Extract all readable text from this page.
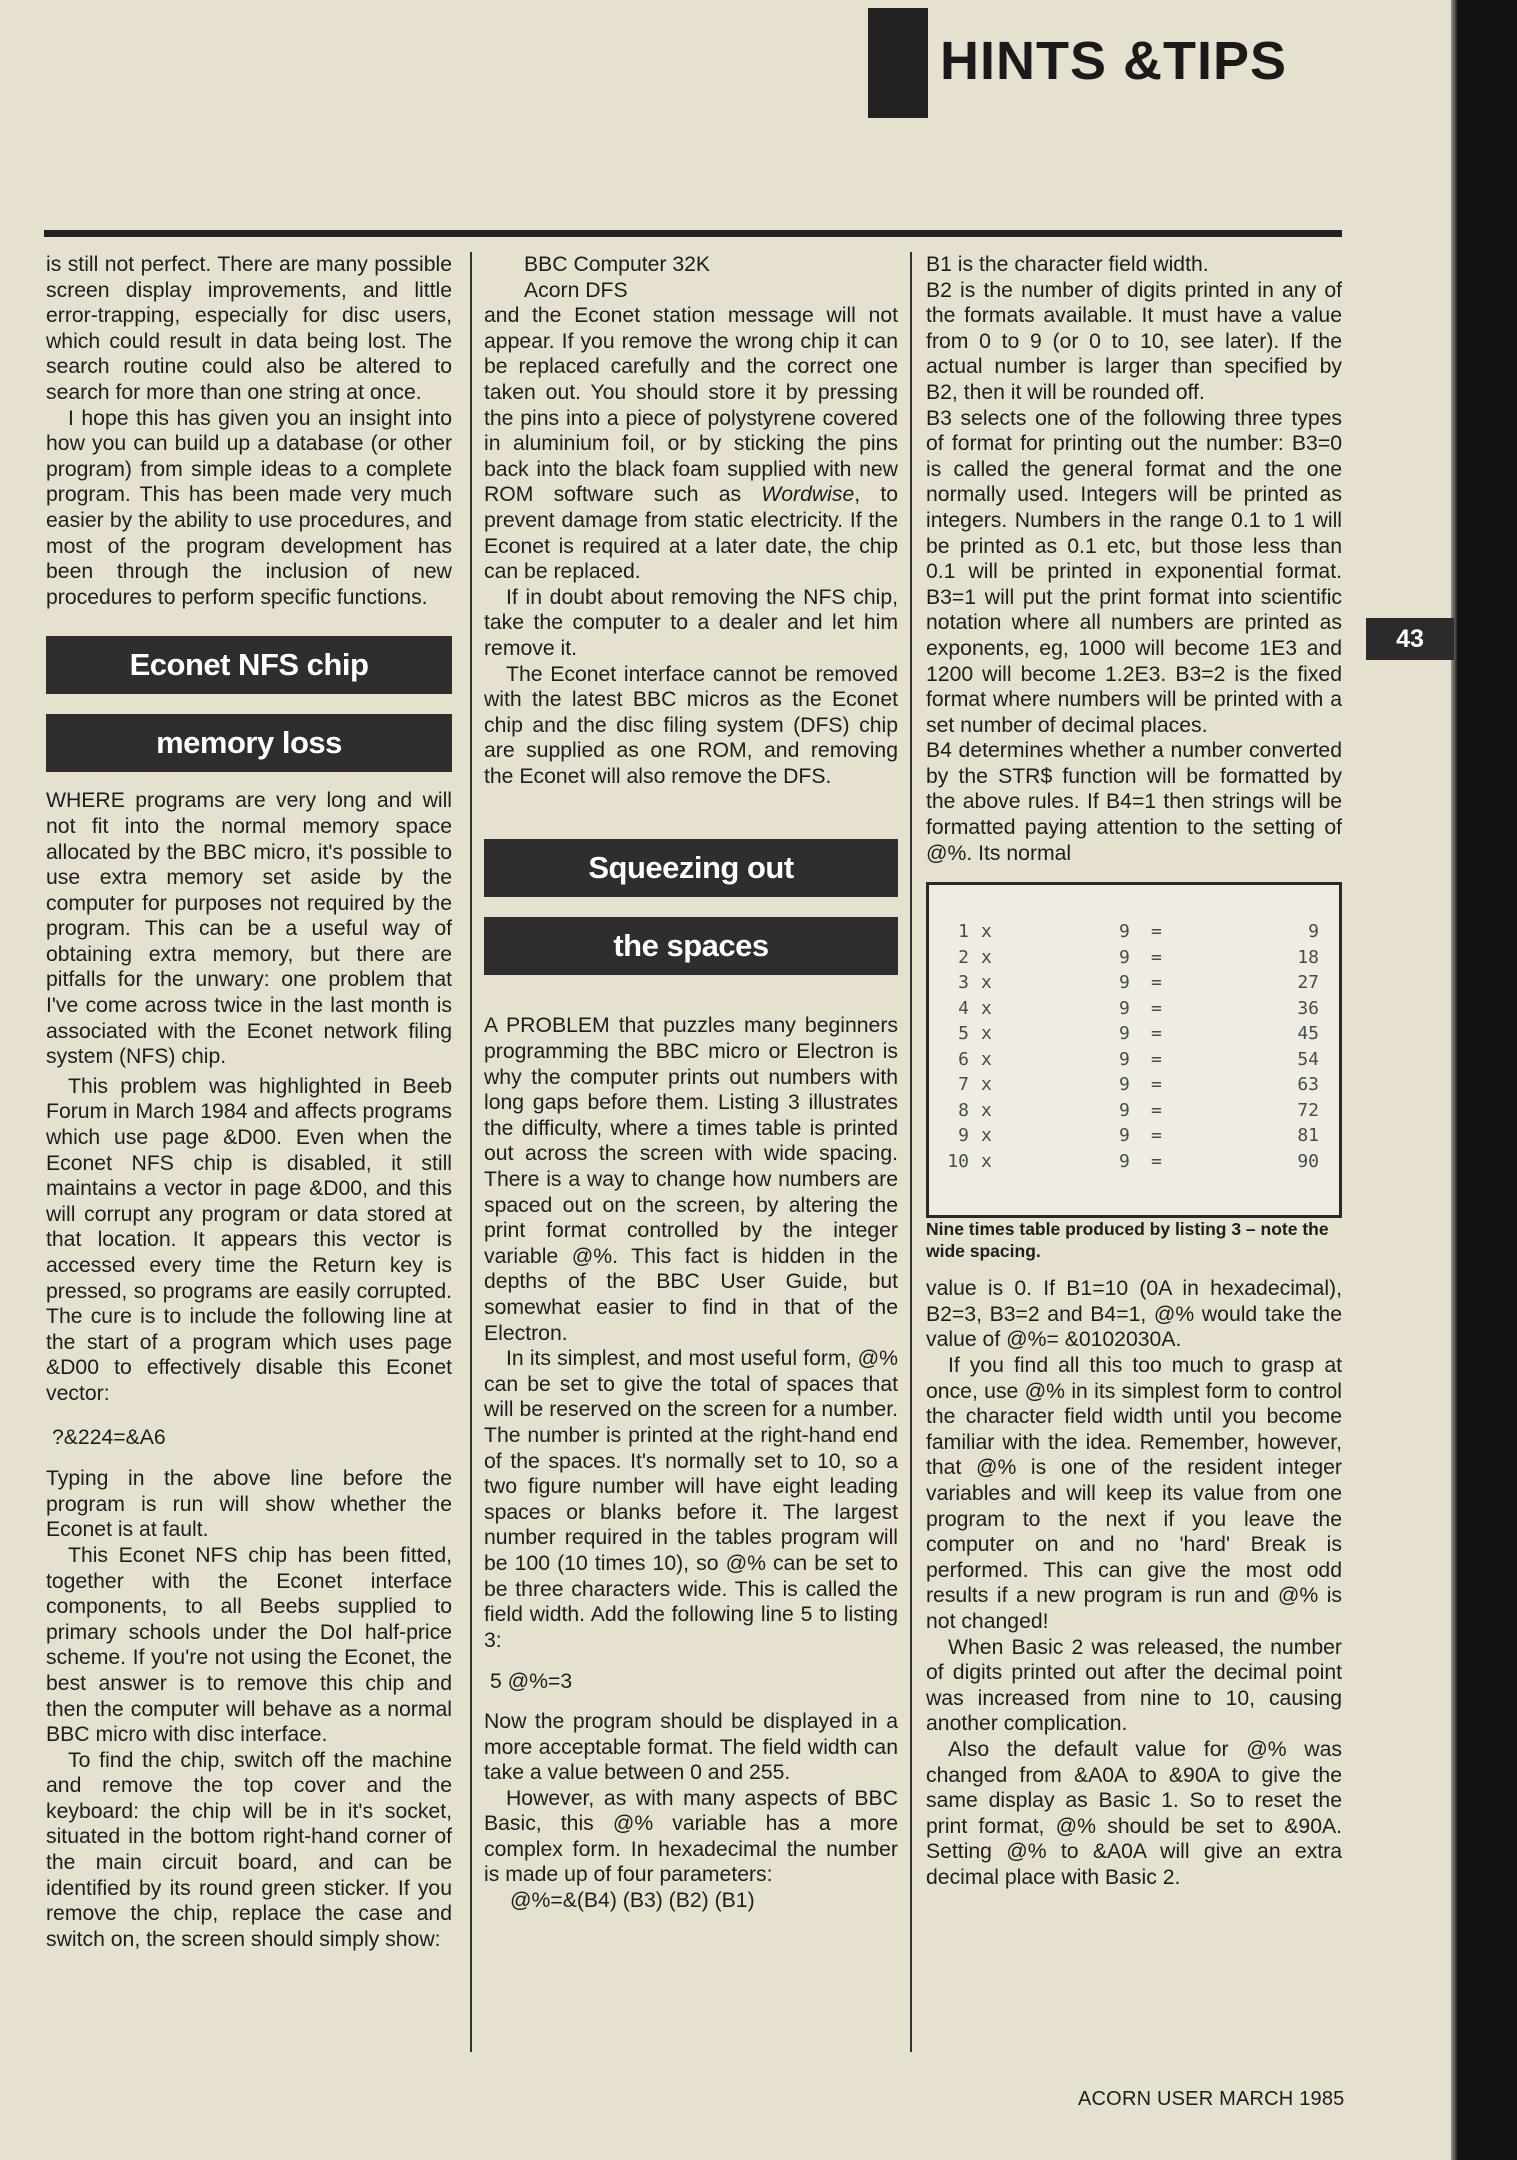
43
HINTS &TIPS

is still not perfect. There are many possible screen display improvements, and little error-trapping, especially for disc users, which could result in data being lost. The search routine could also be altered to search for more than one string at once.

I hope this has given you an insight into how you can build up a database (or other program) from simple ideas to a complete program. This has been made very much easier by the ability to use procedures, and most of the program development has been through the inclusion of new procedures to perform specific functions.

Econet NFS chip
memory loss

WHERE programs are very long and will not fit into the normal memory space allocated by the BBC micro, it's possible to use extra memory set aside by the computer for purposes not required by the program. This can be a useful way of obtaining extra memory, but there are pitfalls for the unwary: one problem that I've come across twice in the last month is associated with the Econet network filing system (NFS) chip.

This problem was highlighted in Beeb Forum in March 1984 and affects programs which use page &D00. Even when the Econet NFS chip is disabled, it still maintains a vector in page &D00, and this will corrupt any program or data stored at that location. It appears this vector is accessed every time the Return key is pressed, so programs are easily corrupted. The cure is to include the following line at the start of a program which uses page &D00 to effectively disable this Econet vector:

?&224=&A6

Typing in the above line before the program is run will show whether the Econet is at fault.

This Econet NFS chip has been fitted, together with the Econet interface components, to all Beebs supplied to primary schools under the DoI half-price scheme. If you're not using the Econet, the best answer is to remove this chip and then the computer will behave as a normal BBC micro with disc interface.

To find the chip, switch off the machine and remove the top cover and the keyboard: the chip will be in it's socket, situated in the bottom right-hand corner of the main circuit board, and can be identified by its round green sticker. If you remove the chip, replace the case and switch on, the screen should simply show:

BBC Computer 32K

Acorn DFS

and the Econet station message will not appear. If you remove the wrong chip it can be replaced carefully and the correct one taken out. You should store it by pressing the pins into a piece of polystyrene covered in aluminium foil, or by sticking the pins back into the black foam supplied with new ROM software such as Wordwise, to prevent damage from static electricity. If the Econet is required at a later date, the chip can be replaced.

If in doubt about removing the NFS chip, take the computer to a dealer and let him remove it.

The Econet interface cannot be removed with the latest BBC micros as the Econet chip and the disc filing system (DFS) chip are supplied as one ROM, and removing the Econet will also remove the DFS.

Squeezing out
the spaces

A PROBLEM that puzzles many beginners programming the BBC micro or Electron is why the computer prints out numbers with long gaps before them. Listing 3 illustrates the difficulty, where a times table is printed out across the screen with wide spacing. There is a way to change how numbers are spaced out on the screen, by altering the print format controlled by the integer variable @%. This fact is hidden in the depths of the BBC User Guide, but somewhat easier to find in that of the Electron.

In its simplest, and most useful form, @% can be set to give the total of spaces that will be reserved on the screen for a number. The number is printed at the right-hand end of the spaces. It's normally set to 10, so a two figure number will have eight leading spaces or blanks before it. The largest number required in the tables program will be 100 (10 times 10), so @% can be set to be three characters wide. This is called the field width. Add the following line 5 to listing 3:

5 @%=3

Now the program should be displayed in a more acceptable format. The field width can take a value between 0 and 255.

However, as with many aspects of BBC Basic, this @% variable has a more complex form. In hexadecimal the number is made up of four parameters:

@%=&(B4) (B3) (B2) (B1)

B1 is the character field width.

B2 is the number of digits printed in any of the formats available. It must have a value from 0 to 9 (or 0 to 10, see later). If the actual number is larger than specified by B2, then it will be rounded off.

B3 selects one of the following three types of format for printing out the number: B3=0 is called the general format and the one normally used. Integers will be printed as integers. Numbers in the range 0.1 to 1 will be printed as 0.1 etc, but those less than 0.1 will be printed in exponential format. B3=1 will put the print format into scientific notation where all numbers are printed as exponents, eg, 1000 will become 1E3 and 1200 will become 1.2E3. B3=2 is the fixed format where numbers will be printed with a set number of decimal places.

B4 determines whether a number converted by the STR$ function will be formatted by the above rules. If B4=1 then strings will be formatted paying attention to the setting of @%. Its normal

1 x	9 =	9
2 x	9 =	18
3 x	9 =	27
4 x	9 =	36
5 x	9 =	45
6 x	9 =	54
7 x	9 =	63
8 x	9 =	72
9 x	9 =	81
10 x	9 =	90

Nine times table produced by listing 3 – note the wide spacing.

value is 0. If B1=10 (0A in hexadecimal), B2=3, B3=2 and B4=1, @% would take the value of @%= &0102030A.

If you find all this too much to grasp at once, use @% in its simplest form to control the character field width until you become familiar with the idea. Remember, however, that @% is one of the resident integer variables and will keep its value from one program to the next if you leave the computer on and no 'hard' Break is performed. This can give the most odd results if a new program is run and @% is not changed!

When Basic 2 was released, the number of digits printed out after the decimal point was increased from nine to 10, causing another complication.

Also the default value for @% was changed from &A0A to &90A to give the same display as Basic 1. So to reset the print format, @% should be set to &90A. Setting @% to &A0A will give an extra decimal place with Basic 2.

ACORN USER MARCH 1985
